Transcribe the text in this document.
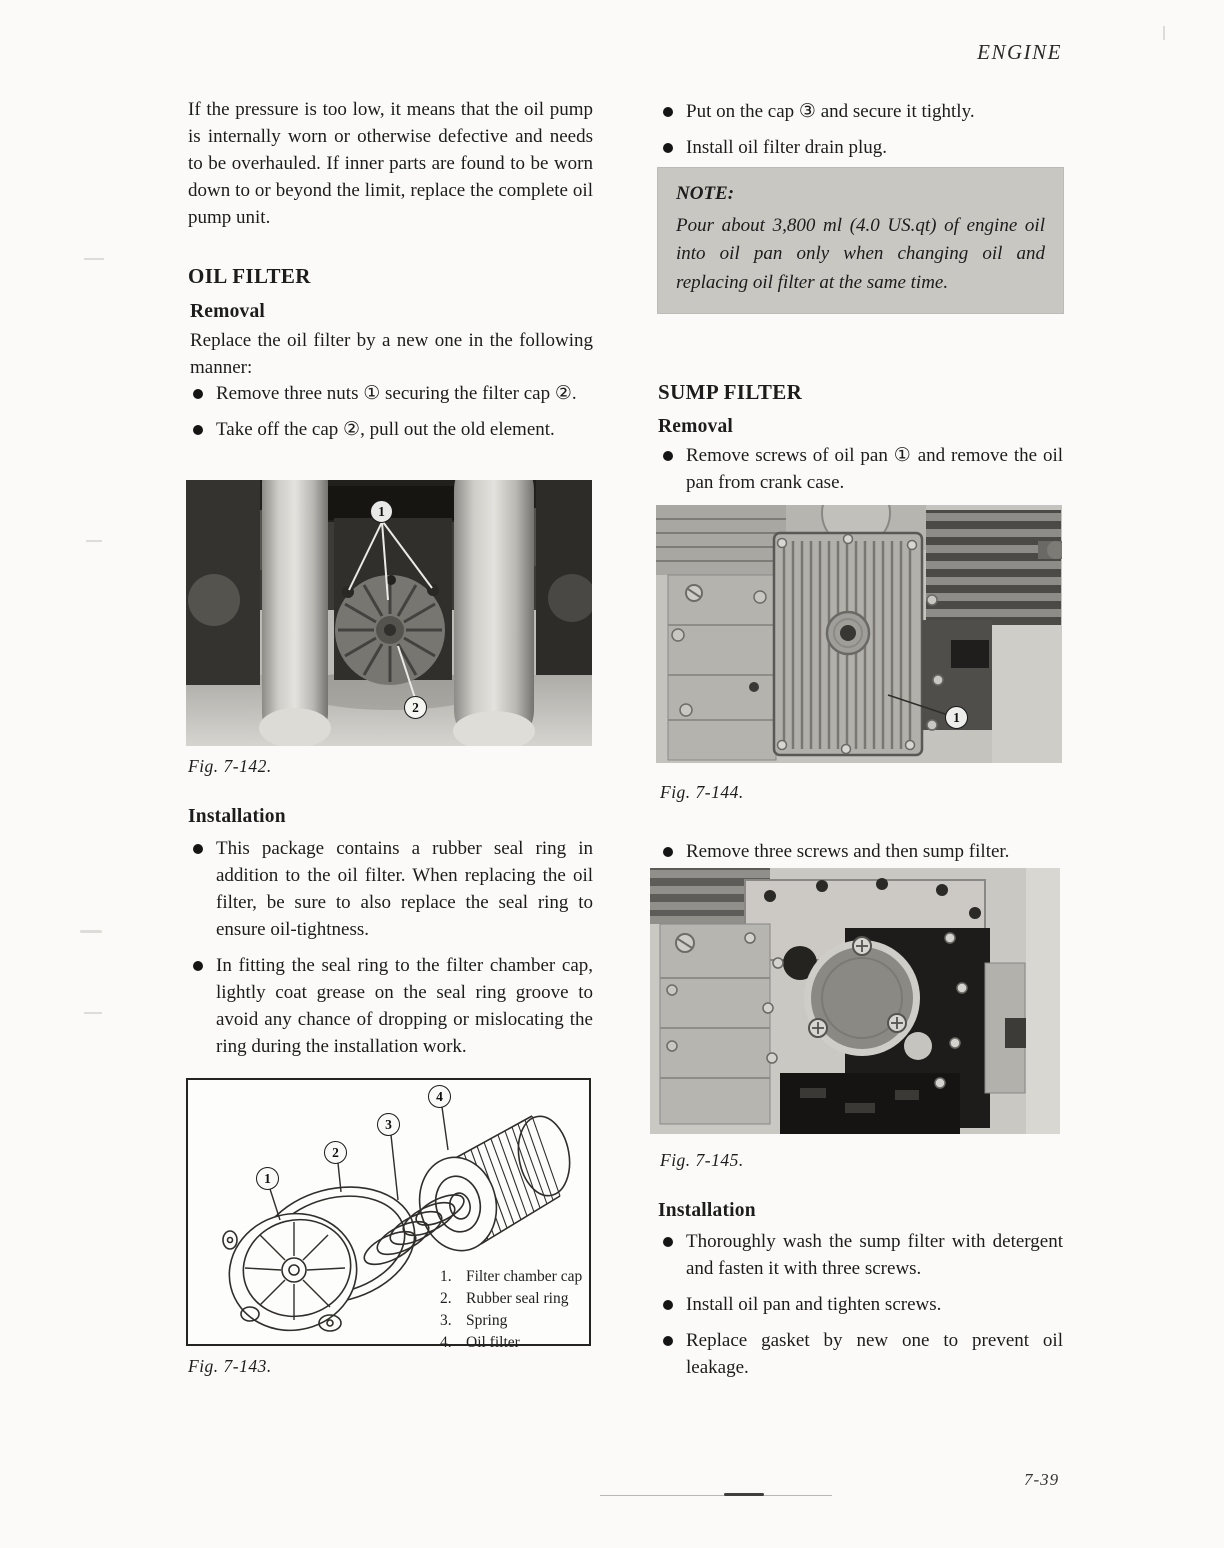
ENGINE

If the pressure is too low, it means that the oil pump is internally worn or otherwise defective and needs to be overhauled. If inner parts are found to be worn down to or beyond the limit, replace the complete oil pump unit.

OIL FILTER
Removal

Replace the oil filter by a new one in the following manner:

Remove three nuts ① securing the filter cap ②.
Take off the cap ②, pull out the old element.
1
2
Fig. 7-142.
Installation
This package contains a rubber seal ring in addition to the oil filter. When replacing the oil filter, be sure to also replace the seal ring to ensure oil-tightness.
In fitting the seal ring to the filter chamber cap, lightly coat grease on the seal ring groove to avoid any chance of dropping or mislocating the ring during the installation work.
1
2
3
4
1. Filter chamber cap
2. Rubber seal ring
3. Spring
4. Oil filter
Fig. 7-143.
Put on the cap ③ and secure it tightly.
Install oil filter drain plug.
NOTE:
Pour about 3,800 ml (4.0 US.qt) of engine oil into oil pan only when changing oil and replacing oil filter at the same time.
SUMP FILTER
Removal
Remove screws of oil pan ① and remove the oil pan from crank case.
1
Fig. 7-144.
Remove three screws and then sump filter.
Fig. 7-145.
Installation
Thoroughly wash the sump filter with detergent and fasten it with three screws.
Install oil pan and tighten screws.
Replace gasket by new one to prevent oil leakage.
7-39
